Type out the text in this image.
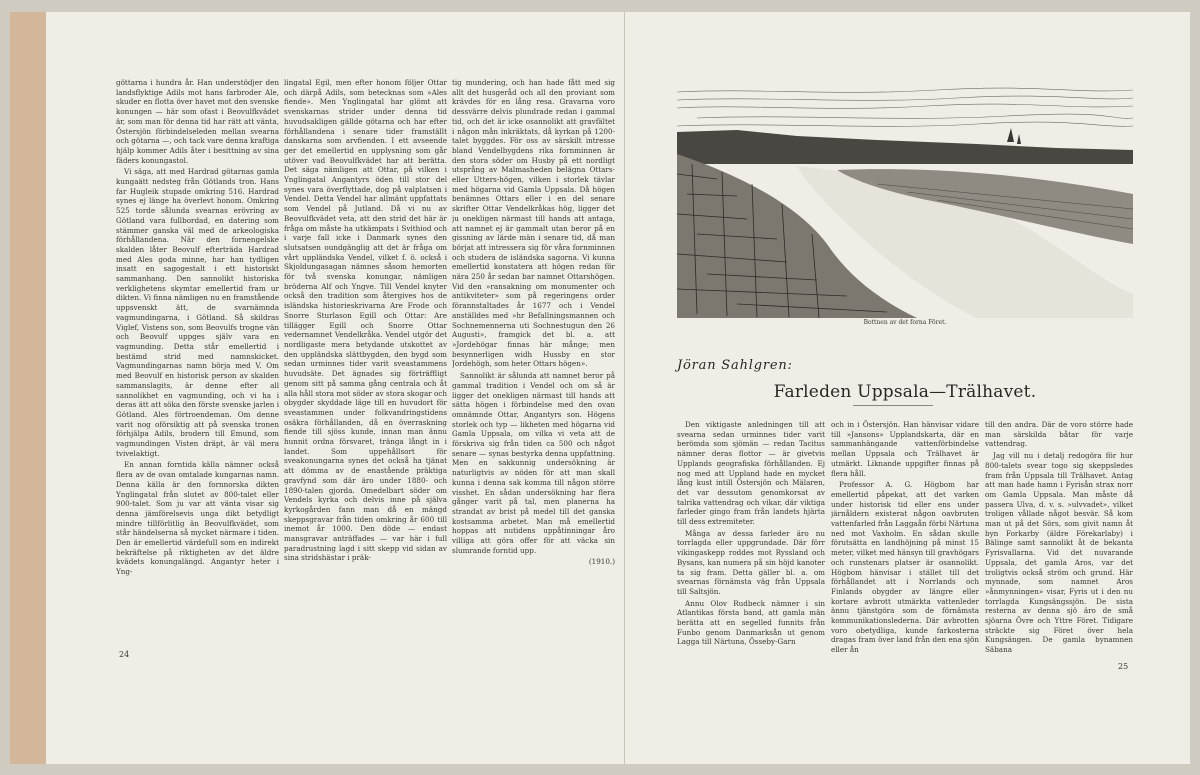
göttarna i hundra år. Han understödjer den landsflyktige Adils mot hans farbroder Ale, skuder en flotta över havet mot den svenske konungen — här som ofast i Beovulfkvädet är, som man för denna tid har rätt att vänta, Östersjön förbindelseleden mellan svearna och götarna —, och tack vare denna kraftiga hjälp kommer Adils åter i besittning av sina fäders konungastol.

Vi säga, att med Hardrad götarnas gamla kungaätt nedsteg från Götlands tron. Hans far Hugleik stupade omkring 516. Hardrad synes ej länge ha överlevt honom. Omkring 525 torde sålunda svearnas erövring av Götland vara fullbordad, en datering som stämmer ganska väl med de arkeologiska förhållandena. När den fornengelske skalden låter Beovulf efterträda Hardrad med Ales goda minne, har han tydligen insatt en sagogestalt i ett historiskt sammanhang. Den sannolikt historiska verklighetens skymtar emellertid fram ur dikten. Vi finna nämligen nu en framstående uppsvenskt ätt, de svarnämnda vagmundingarna, i Götland. Så skildras Viglef, Vistens son, som Beovulfs trogne vän och Beovulf uppges själv vara en vagmunding. Detta står emellertid i bestämd strid med namnskicket. Vagmundingarnas namn börja med V. Om med Beovulf en historisk person av skalden sammanslagits, är denne efter all sannolikhet en vagmunding, och vi ha i deras ätt att söka den förste svenske jarlen i Götland. Ales förtroendeman. Om denne varit nog oförsiktig att på svenska tronen förhjälpa Adils, brodern till Emund, som vagmundingen Visten dräpt, är väl mera tvivelaktigt.

En annan forntida källa nämner också flera av de ovan omtalade kungarnas namn. Denna källa är den fornnorska dikten Ynglingatal från slutet av 800-talet eller 900-talet. Som ju var att vänta visar sig denna jämförelsevis unga dikt betydligt mindre tillförlitlig än Beovulfkvädet, som står händelserna så mycket närmare i tiden. Den är emellertid värdefull som en indirekt bekräftelse på riktigheten av det äldre kvädets konungalängd. Angantyr heter i Yng-

lingatal Egil, men efter honom följer Ottar och därpå Adils, som betecknas som »Ales fiende». Men Ynglingatal har glömt att svenskarnas strider under denna tid huvudsakligen gällde götarna och har efter förhållandena i senare tider framställt danskarna som arvfienden. I ett avseende ger det emellertid en upplysning som går utöver vad Beovulfkvädet har att berätta. Det säga nämligen att Ottar, på vilken i Ynglingatal Angantyrs öden till stor del synes vara överflyttade, dog på valplatsen i Vendel. Detta Vendel har allmänt uppfattats som Vendel på Jutland. Då vi nu av Beovulfkvädet veta, att den strid det här är fråga om måste ha utkämpats i Svithiod och i varje fall icke i Danmark synes den slutsatsen oundgänglig att det är fråga om vårt uppländska Vendel, vilket f. ö. också i Skjoldungasagan nämnes såsom hemorten för två svenska konungar, nämligen bröderna Alf och Yngve. Till Vendel knyter också den tradition som återgives hos de isländska historieskrivarna Are Frode och Snorre Sturlason Egill och Ottar: Are tillägger Egill och Snorre Ottar vedernamnet Vendelkråka. Vendel utgör det nordligaste mera betydande utskottet av den uppländska slättbygden, den bygd som sedan urminnes tider varit sveastammens huvudsäte. Det ägnades sig förträffligt genom sitt på samma gång centrala och åt alla håll stora mot söder av stora skogar och obygder skyddade läge till en huvudort för sveastammen under folkvandringstidens osäkra förhållanden, då en överraskning fiende till sjöss kunde, innan man ännu hunnit ordna försvaret, tränga långt in i landet. Som uppehållsort för sveakonungarna synes det också ha tjänat att dömma av de enastående präktiga gravfynd som där äro under 1880- och 1890-talen gjorda. Omedelbart söder om Vendels kyrka och delvis inne på själva kyrkogården fann man då en mängd skeppsgravar från tiden omkring år 600 till inemot år 1000. Den döde — endast mansgravar anträffades — var här i full paradrustning lagd i sitt skepp vid sidan av sina stridshästar i präk-

tig mundering, och han hade fått med sig allt det husgeråd och all den proviant som krävdes för en lång resa. Gravarna voro dessvärre delvis plundrade redan i gammal tid, och det är icke osannolikt att gravfältet i någon mån inkräktats, då kyrkan på 1200-talet byggdes. För oss av särskilt intresse bland Vendelbygdens rika fornminnen är den stora söder om Husby på ett nordligt utsprång av Malmasheden belägna Ottars- eller Utters-högen, vilken i storlek tävlar med högarna vid Gamla Uppsala. Då högen benämnes Ottars eller i en del senare skrifter Ottar Vendelkråkas hög, ligger det ju onekligen närmast till hands att antaga, att namnet ej är gammalt utan beror på en gissning av lärde män i senare tid, då man börjat att intressera sig för våra fornminnen och studera de isländska sagorna. Vi kunna emellertid konstatera att högen redan för nära 250 år sedan bar namnet Ottarshögen. Vid den »ransakning om monumenter och antikviteter» som på regeringens order förannstaltades år 1677 och i Vendel anställdes med »hr Befallningsmannen och Sochnemennerna uti Sochnestugun den 26 Augusti», framgick det bl. a. att »Jordehögar finnas här månge; men besynnerligen widh Hussby en stor Jordehögh, som heter Ottars högen».

Sannolikt är sålunda att namnet beror på gammal tradition i Vendel och om så är ligger det onekligen närmast till hands att sätta högen i förbindelse med den ovan omnämnde Ottar, Angantyrs son. Högens storlek och typ — likheten med högarna vid Gamla Uppsala, om vilka vi veta att de förskriva sig från tiden ca 500 och något senare — synas bestyrka denna uppfattning. Men en sakkunnig undersökning är naturligtvis av nöden för att man skall kunna i denna sak komma till någon större visshet. En sådan undersökning har flera gånger varit på tal, men planerna ha strandat av brist på medel till det ganska kostsamma arbetet. Man må emellertid hoppas att nutidens uppåtinningar åro villiga att göra offer för att väcka sin slumrande forntid upp.

(1910.)
24
Bottnen av det forna Föret.
Jöran Sahlgren:
Farleden Uppsala—Trälhavet.

Den viktigaste anledningen till att svearna sedan urminnes tider varit berömda som sjömän — redan Tacitus nämner deras flottor — är givetvis Upplands geografiska förhållanden. Ej nog med att Uppland hade en mycket lång kust intill Östersjön och Mälaren, det var dessutom genomkorsat av talrika vattendrag och vikar, där viktiga farleder gingo fram från landets hjärta till dess extremiteter.

Många av dessa farleder äro nu torrlagda eller uppgrundade. Där förr vikingaskepp roddes mot Ryssland och Bysans, kan numera på sin höjd kanoter ta sig fram. Detta gäller bl. a. om svearnas förnämsta väg från Uppsala till Saltsjön.

Annu Olov Rudbeck nämner i sin Atlantikas första band, att gamla män berätta att en segelled funnits från Funbo genom Danmarksån ut genom Lagga till Närtuna, Össeby-Garn

och in i Östersjön. Han hänvisar vidare till »Jansons» Upplandskarta, där en sammanhängande vattenförbindelse mellan Uppsala och Trälhavet är utmärkt. Liknande uppgifter finnas på flera håll.

Professor A. G. Högbom har emellertid påpekat, att det varken under historisk tid eller ens under järnåldern existerat någon oavbruten vattenfarled från Laggaån förbi Närtuna ned mot Vaxholm. En sådan skulle förutsätta en landhöjning på minst 15 meter, vilket med hänsyn till gravhögars och runstenars platser är osannolikt. Högbom hänvisar i stället till det förhållandet att i Norrlands och Finlands obygder av längre eller kortare avbrott utmärkta vattenleder ännu tjänstgöra som de förnämsta kommunikationslederna. Där avbrotten voro obetydliga, kunde farkosterna dragas fram över land från den ena sjön eller ån

till den andra. Där de voro större hade man särskilda båtar för varje vattendrag.

Jag vill nu i detalj redogöra för hur 800-talets svear togo sig skeppsledes fram från Uppsala till Trälhavet. Antag att man hade hamn i Fyrisån strax norr om Gamla Uppsala. Man måste då passera Ulva, d. v. s. »ulvvadet», vilket troligen vållade något besvär. Så kom man ut på det Sörs, som givit namn åt byn Forkarby (äldre Förekarlaby) i Bälinge samt sannolikt åt de bekanta Fyrisvallarna. Vid det nuvarande Uppsala, det gamla Aros, var det troligtvis också ström och grund. Här mynnade, som namnet Aros »ånmynningen» visar, Fyris ut i den nu torrlagda Kungsängssjön. De sista resterna av denna sjö äro de små sjöarna Övre och Yttre Föret. Tidigare sträckte sig Föret över hela Kungsängen. De gamla bynamnen Säbana

25
